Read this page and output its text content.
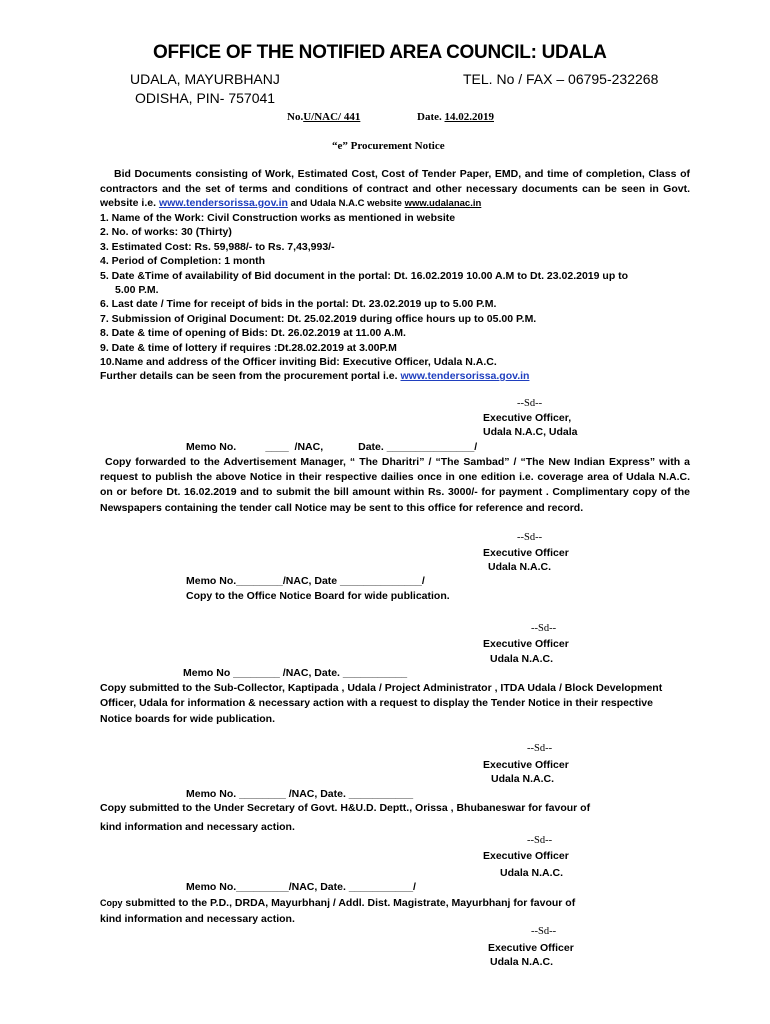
OFFICE OF THE NOTIFIED AREA COUNCIL: UDALA
UDALA, MAYURBHANJ	TEL. No / FAX – 06795-232268
ODISHA, PIN- 757041
No.U/NAC/ 441	Date. 14.02.2019
“e” Procurement Notice

Bid Documents consisting of Work, Estimated Cost, Cost of Tender Paper, EMD, and time of completion, Class of contractors and the set of terms and conditions of contract and other necessary documents can be seen in Govt. website i.e. www.tendersorissa.gov.in and Udala N.A.C website www.udalanac.in

1. Name of the Work: Civil Construction works as mentioned in website
2. No. of works: 30 (Thirty)
3. Estimated Cost: Rs. 59,988/- to Rs. 7,43,993/-
4. Period of Completion: 1 month
5. Date &Time of availability of Bid document in the portal: Dt. 16.02.2019 10.00 A.M to Dt. 23.02.2019 up to
5.00 P.M.
6. Last date / Time for receipt of bids in the portal: Dt. 23.02.2019 up to 5.00 P.M.
7. Submission of Original Document: Dt. 25.02.2019 during office hours up to 05.00 P.M.
8. Date & time of opening of Bids: Dt. 26.02.2019 at 11.00 A.M.
9. Date & time of lottery if requires :Dt.28.02.2019 at 3.00P.M
10.Name and address of the Officer inviting Bid: Executive Officer, Udala N.A.C.
Further details can be seen from the procurement portal i.e. www.tendersorissa.gov.in
--Sd--
Executive Officer,
Udala N.A.C, Udala
Memo No.          ____  /NAC,            Date. _______________/

Copy forwarded to the Advertisement Manager, “ The Dharitri” / “The Sambad” / “The New Indian Express” with a request to publish the above Notice in their respective dailies once in one edition i.e. coverage area of Udala N.A.C. on or before Dt. 16.02.2019 and to submit the bill amount within Rs. 3000/- for payment . Complimentary copy of the Newspapers containing the tender call Notice may be sent to this office for reference and record.

--Sd--
Executive Officer
Udala N.A.C.
Memo No.________/NAC, Date ______________/
Copy to the Office Notice Board for wide publication.
--Sd--
Executive Officer
Udala N.A.C.
Memo No ________ /NAC, Date. ___________

Copy submitted to the Sub-Collector, Kaptipada , Udala / Project Administrator , ITDA Udala / Block Development Officer, Udala for information & necessary action with a request to display the Tender Notice in their respective Notice boards for wide publication.

--Sd--
Executive Officer
Udala N.A.C.
Memo No. ________ /NAC, Date. ___________
Copy submitted to the Under Secretary of Govt. H&U.D. Deptt., Orissa , Bhubaneswar for favour of
kind information and necessary action.
--Sd--
Executive Officer
Udala N.A.C.
Memo No._________/NAC, Date. ___________/
Copy submitted to the P.D., DRDA, Mayurbhanj / Addl. Dist. Magistrate, Mayurbhanj for favour of
kind information and necessary action.
--Sd--
Executive Officer
Udala N.A.C.
